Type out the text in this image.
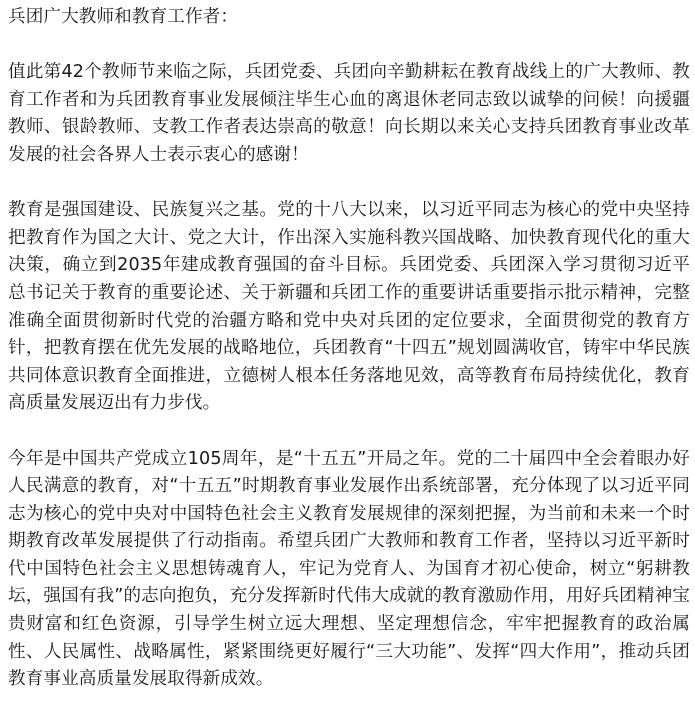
兵团广大教师和教育工作者：

值此第42个教师节来临之际，兵团党委、兵团向辛勤耕耘在教育战线上的广大教师、教育工作者和为兵团教育事业发展倾注毕生心血的离退休老同志致以诚挚的问候！向援疆教师、银龄教师、支教工作者表达崇高的敬意！向长期以来关心支持兵团教育事业改革发展的社会各界人士表示衷心的感谢！

教育是强国建设、民族复兴之基。党的十八大以来，以习近平同志为核心的党中央坚持把教育作为国之大计、党之大计，作出深入实施科教兴国战略、加快教育现代化的重大决策，确立到2035年建成教育强国的奋斗目标。兵团党委、兵团深入学习贯彻习近平总书记关于教育的重要论述、关于新疆和兵团工作的重要讲话重要指示批示精神，完整准确全面贯彻新时代党的治疆方略和党中央对兵团的定位要求，全面贯彻党的教育方针，把教育摆在优先发展的战略地位，兵团教育“十四五”规划圆满收官，铸牢中华民族共同体意识教育全面推进，立德树人根本任务落地见效，高等教育布局持续优化，教育高质量发展迈出有力步伐。

今年是中国共产党成立105周年，是“十五五”开局之年。党的二十届四中全会着眼办好人民满意的教育，对“十五五”时期教育事业发展作出系统部署，充分体现了以习近平同志为核心的党中央对中国特色社会主义教育发展规律的深刻把握，为当前和未来一个时期教育改革发展提供了行动指南。希望兵团广大教师和教育工作者，坚持以习近平新时代中国特色社会主义思想铸魂育人，牢记为党育人、为国育才初心使命，树立“躬耕教坛，强国有我”的志向抱负，充分发挥新时代伟大成就的教育激励作用，用好兵团精神宝贵财富和红色资源，引导学生树立远大理想、坚定理想信念，牢牢把握教育的政治属性、人民属性、战略属性，紧紧围绕更好履行“三大功能”、发挥“四大作用”，推动兵团教育事业高质量发展取得新成效。
